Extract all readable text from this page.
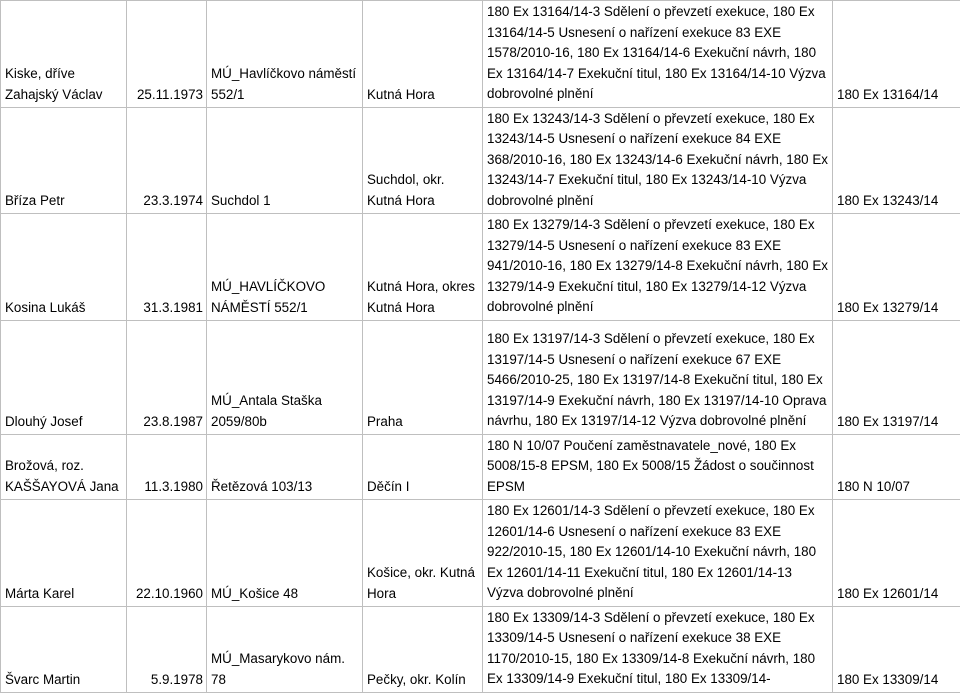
Kiske, dříve Zahajský Václav	25.11.1973	MÚ_Havlíčkovo náměstí 552/1	Kutná Hora	180 Ex 13164/14-3 Sdělení o převzetí exekuce, 180 Ex 13164/14-5 Usnesení o nařízení exekuce 83 EXE 1578/2010-16, 180 Ex 13164/14-6 Exekuční návrh, 180 Ex 13164/14-7 Exekuční titul, 180 Ex 13164/14-10 Výzva dobrovolné plnění	180 Ex 13164/14
Bříza Petr	23.3.1974	Suchdol 1	Suchdol, okr. Kutná Hora	180 Ex 13243/14-3 Sdělení o převzetí exekuce, 180 Ex 13243/14-5 Usnesení o nařízení exekuce 84 EXE 368/2010-16, 180 Ex 13243/14-6 Exekuční návrh, 180 Ex 13243/14-7 Exekuční titul, 180 Ex 13243/14-10 Výzva dobrovolné plnění	180 Ex 13243/14
Kosina Lukáš	31.3.1981	MÚ_HAVLÍČKOVO NÁMĚSTÍ 552/1	Kutná Hora, okres Kutná Hora	180 Ex 13279/14-3 Sdělení o převzetí exekuce, 180 Ex 13279/14-5 Usnesení o nařízení exekuce 83 EXE 941/2010-16, 180 Ex 13279/14-8 Exekuční návrh, 180 Ex 13279/14-9 Exekuční titul, 180 Ex 13279/14-12 Výzva dobrovolné plnění	180 Ex 13279/14
Dlouhý Josef	23.8.1987	MÚ_Antala Staška 2059/80b	Praha	180 Ex 13197/14-3 Sdělení o převzetí exekuce, 180 Ex 13197/14-5 Usnesení o nařízení exekuce 67 EXE 5466/2010-25, 180 Ex 13197/14-8 Exekuční titul, 180 Ex 13197/14-9 Exekuční návrh, 180 Ex 13197/14-10 Oprava návrhu, 180 Ex 13197/14-12 Výzva dobrovolné plnění	180 Ex 13197/14
Brožová, roz. KAŠŠAYOVÁ Jana	11.3.1980	Řetězová 103/13	Děčín I	180 N 10/07 Poučení zaměstnavatele_nové, 180 Ex 5008/15-8 EPSM, 180 Ex 5008/15 Žádost o součinnost EPSM	180 N 10/07
Márta Karel	22.10.1960	MÚ_Košice 48	Košice, okr. Kutná Hora	180 Ex 12601/14-3 Sdělení o převzetí exekuce, 180 Ex 12601/14-6 Usnesení o nařízení exekuce 83 EXE 922/2010-15, 180 Ex 12601/14-10 Exekuční návrh, 180 Ex 12601/14-11 Exekuční titul, 180 Ex 12601/14-13 Výzva dobrovolné plnění	180 Ex 12601/14
Švarc Martin	5.9.1978	MÚ_Masarykovo nám. 78	Pečky, okr. Kolín	180 Ex 13309/14-3 Sdělení o převzetí exekuce, 180 Ex 13309/14-5 Usnesení o nařízení exekuce 38 EXE 1170/2010-15, 180 Ex 13309/14-8 Exekuční návrh, 180 Ex 13309/14-9 Exekuční titul, 180 Ex 13309/14-	180 Ex 13309/14
